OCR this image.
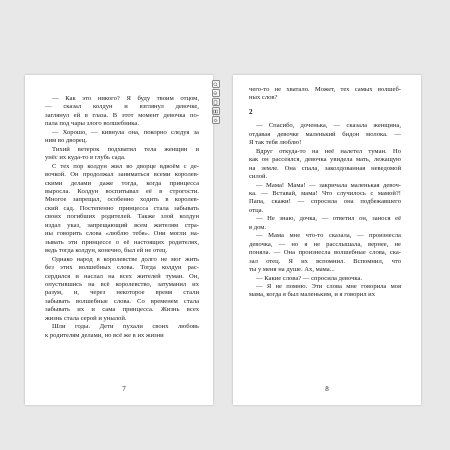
— Как это никого? Я буду твоим отцом,
— сказал колдун и взглянул девочке,
заглянул ей в глаза. В этот момент девочка по-
пала под чары злого волшебника.

— Хорошо, — кивнула она, покорно следуя за
ним во дворец.

Тихий ветерок подхватил тела женщин и
унёс их куда-то в глубь сада.

С тех пор колдун жил во дворце вдвоём с де-
вочкой. Он продолжал заниматься всеми королев-
скими делами даже тогда, когда принцесса
выросла. Колдун воспитывал её в строгости.
Многое запрещал, особенно ходить в королев-
ский сад. Постепенно принцесса стала забывать
своих погибших родителей. Также злой колдун
издал указ, запрещающий всем жителям стра-
ны говорить слова «люблю тебя». Они могли на-
зывать эти принцессе о её настоящих родителях,
ведь тогда колдун, конечно, был ей не отец.

Однако народ в королевстве долго не мог жить
без этих волшебных слова. Тогда колдун рас-
сердился и наслал на всех жителей туман. Он,
опустившись на всё королевство, затуманил их
разум, и, через некоторое время стали
забывать волшебные слова. Со временем стала
забывать их и сама принцесса. Жизнь всех
жизнь стала серой и унылой.

Шли годы. Дети пухали своих любовь
к родителям делами, но всё же в их жизни

7

чего-то не хватало. Может, тех самых волшеб-
ных слов?

2

— Спасибо, доченька, — сказала женщина,
отдавая девочке маленький бидон молока. —
Я так тебя люблю!

Вдруг откуда-то на неё налетел туман. Но
как он рассеялся, девочка увидела мать, лежащую
на земле. Она спала, заколдованная неведомой
силой.

— Мама! Мама! — закричала маленькая девоч-
ка. — Вставай, мама! Что случилось с мамой?!
Папа, скажи! — спросила она подбежавшего
отца.

— Не знаю, дочка, — ответил он, занося её
в дом.

— Мама мне что-то сказала, — произнесла
девочка, — но я не расслышала, вернее, не
поняла. — Она произнесла волшебные слова, ска-
зал отец. Я их вспомнил. Вспомнил, что
ты у меня на душе. Ах, мама...

— Какие слова? — спросила девочка.

— Я не помню. Эти слова мне говорила моя
мама, когда я был маленьким, и я говорил их

8
